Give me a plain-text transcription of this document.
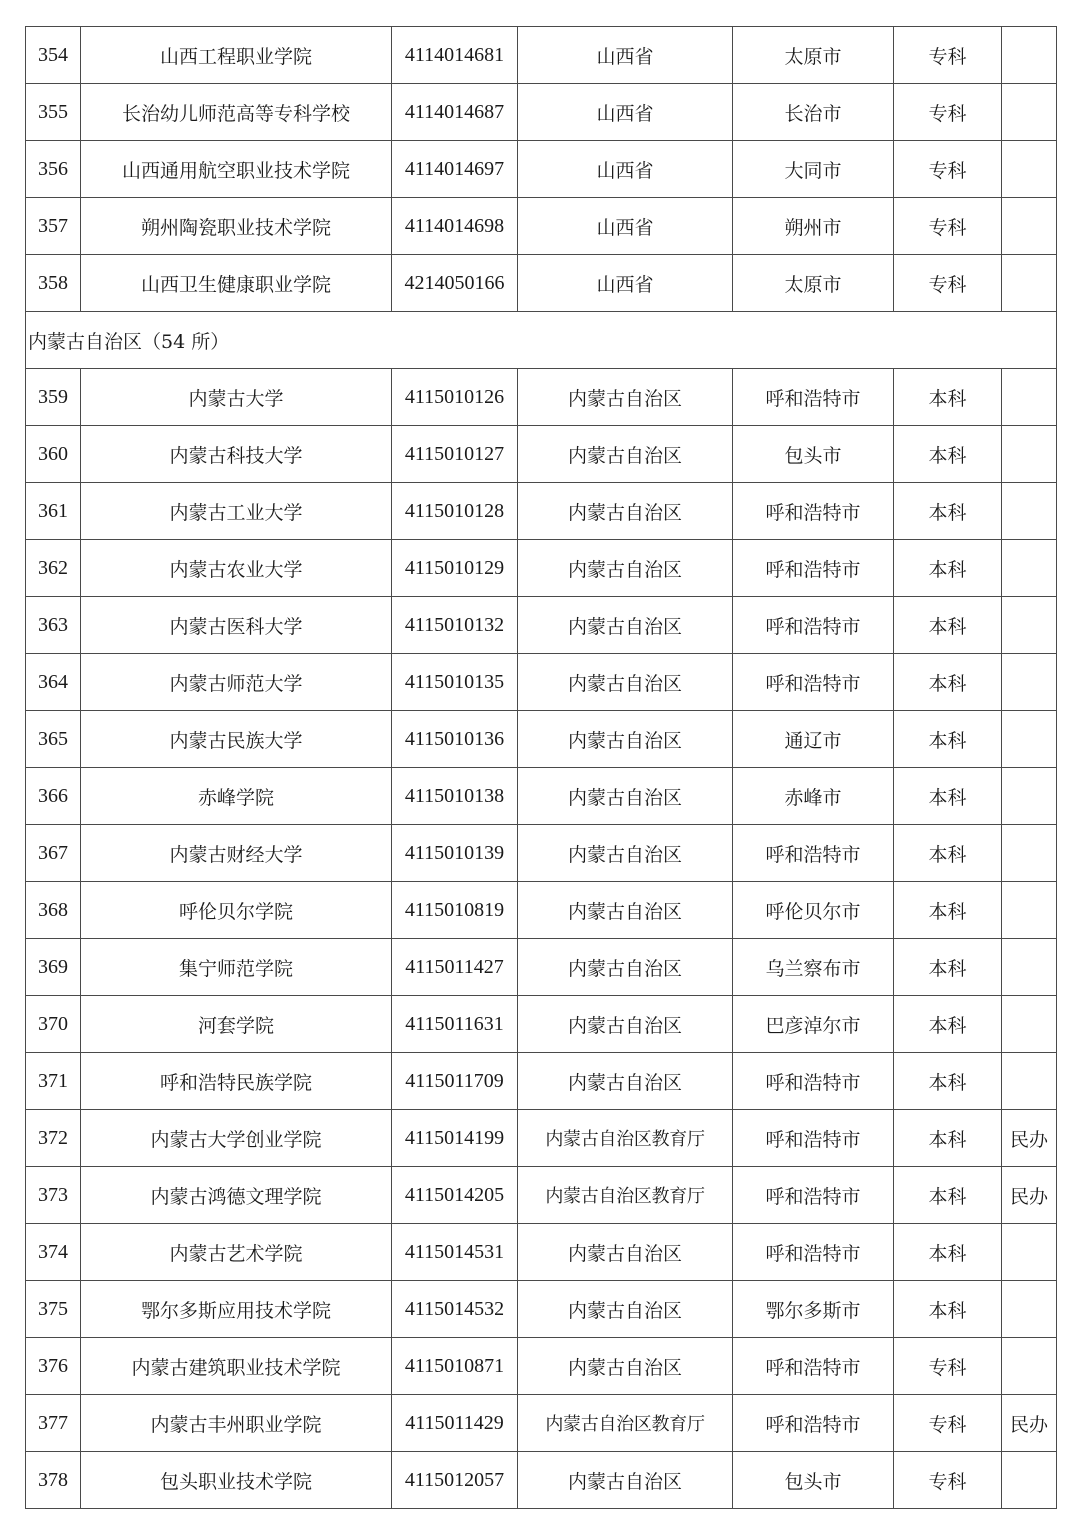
354	山西工程职业学院	4114014681	山西省	太原市	专科	
355	长治幼儿师范高等专科学校	4114014687	山西省	长治市	专科	
356	山西通用航空职业技术学院	4114014697	山西省	大同市	专科	
357	朔州陶瓷职业技术学院	4114014698	山西省	朔州市	专科	
358	山西卫生健康职业学院	4214050166	山西省	太原市	专科	
内蒙古自治区（54 所）						
359	内蒙古大学	4115010126	内蒙古自治区	呼和浩特市	本科	
360	内蒙古科技大学	4115010127	内蒙古自治区	包头市	本科	
361	内蒙古工业大学	4115010128	内蒙古自治区	呼和浩特市	本科	
362	内蒙古农业大学	4115010129	内蒙古自治区	呼和浩特市	本科	
363	内蒙古医科大学	4115010132	内蒙古自治区	呼和浩特市	本科	
364	内蒙古师范大学	4115010135	内蒙古自治区	呼和浩特市	本科	
365	内蒙古民族大学	4115010136	内蒙古自治区	通辽市	本科	
366	赤峰学院	4115010138	内蒙古自治区	赤峰市	本科	
367	内蒙古财经大学	4115010139	内蒙古自治区	呼和浩特市	本科	
368	呼伦贝尔学院	4115010819	内蒙古自治区	呼伦贝尔市	本科	
369	集宁师范学院	4115011427	内蒙古自治区	乌兰察布市	本科	
370	河套学院	4115011631	内蒙古自治区	巴彦淖尔市	本科	
371	呼和浩特民族学院	4115011709	内蒙古自治区	呼和浩特市	本科	
372	内蒙古大学创业学院	4115014199	内蒙古自治区教育厅	呼和浩特市	本科	民办
373	内蒙古鸿德文理学院	4115014205	内蒙古自治区教育厅	呼和浩特市	本科	民办
374	内蒙古艺术学院	4115014531	内蒙古自治区	呼和浩特市	本科	
375	鄂尔多斯应用技术学院	4115014532	内蒙古自治区	鄂尔多斯市	本科	
376	内蒙古建筑职业技术学院	4115010871	内蒙古自治区	呼和浩特市	专科	
377	内蒙古丰州职业学院	4115011429	内蒙古自治区教育厅	呼和浩特市	专科	民办
378	包头职业技术学院	4115012057	内蒙古自治区	包头市	专科	
